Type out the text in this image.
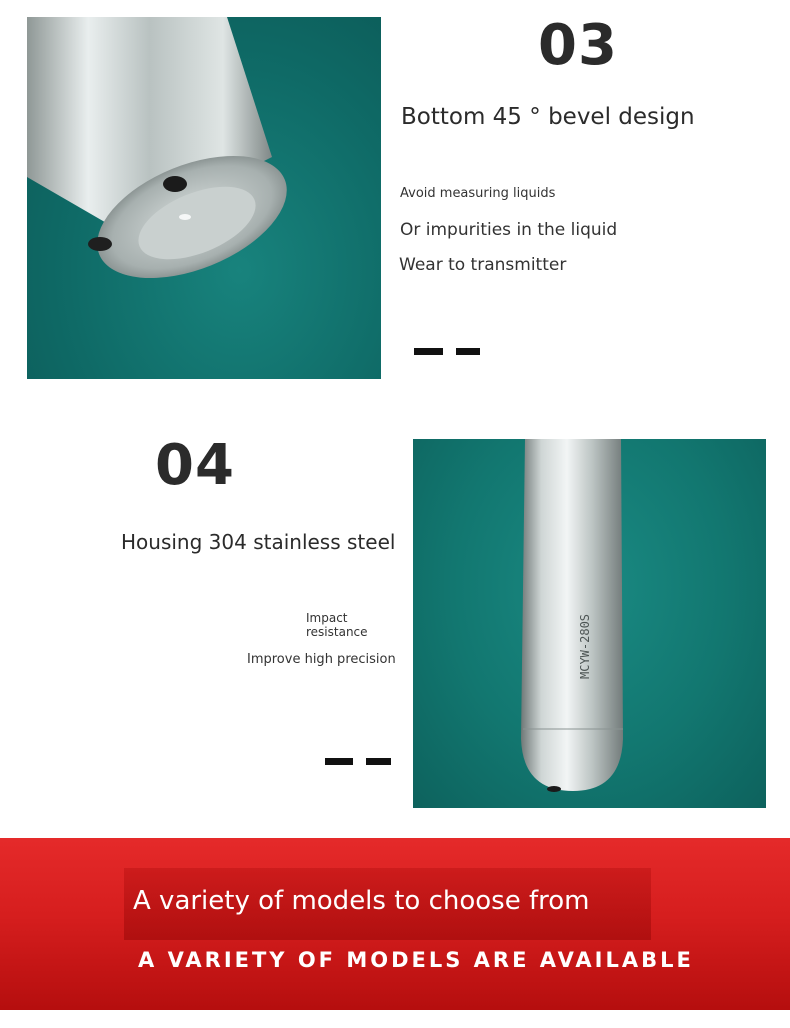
03
Bottom 45 ° bevel design
Avoid measuring liquids
Or impurities in the liquid
Wear to transmitter
04
Housing 304 stainless steel
Impact resistance
Improve high precision	MCYW-280S
A variety of models to choose from
A VARIETY OF MODELS ARE AVAILABLE
